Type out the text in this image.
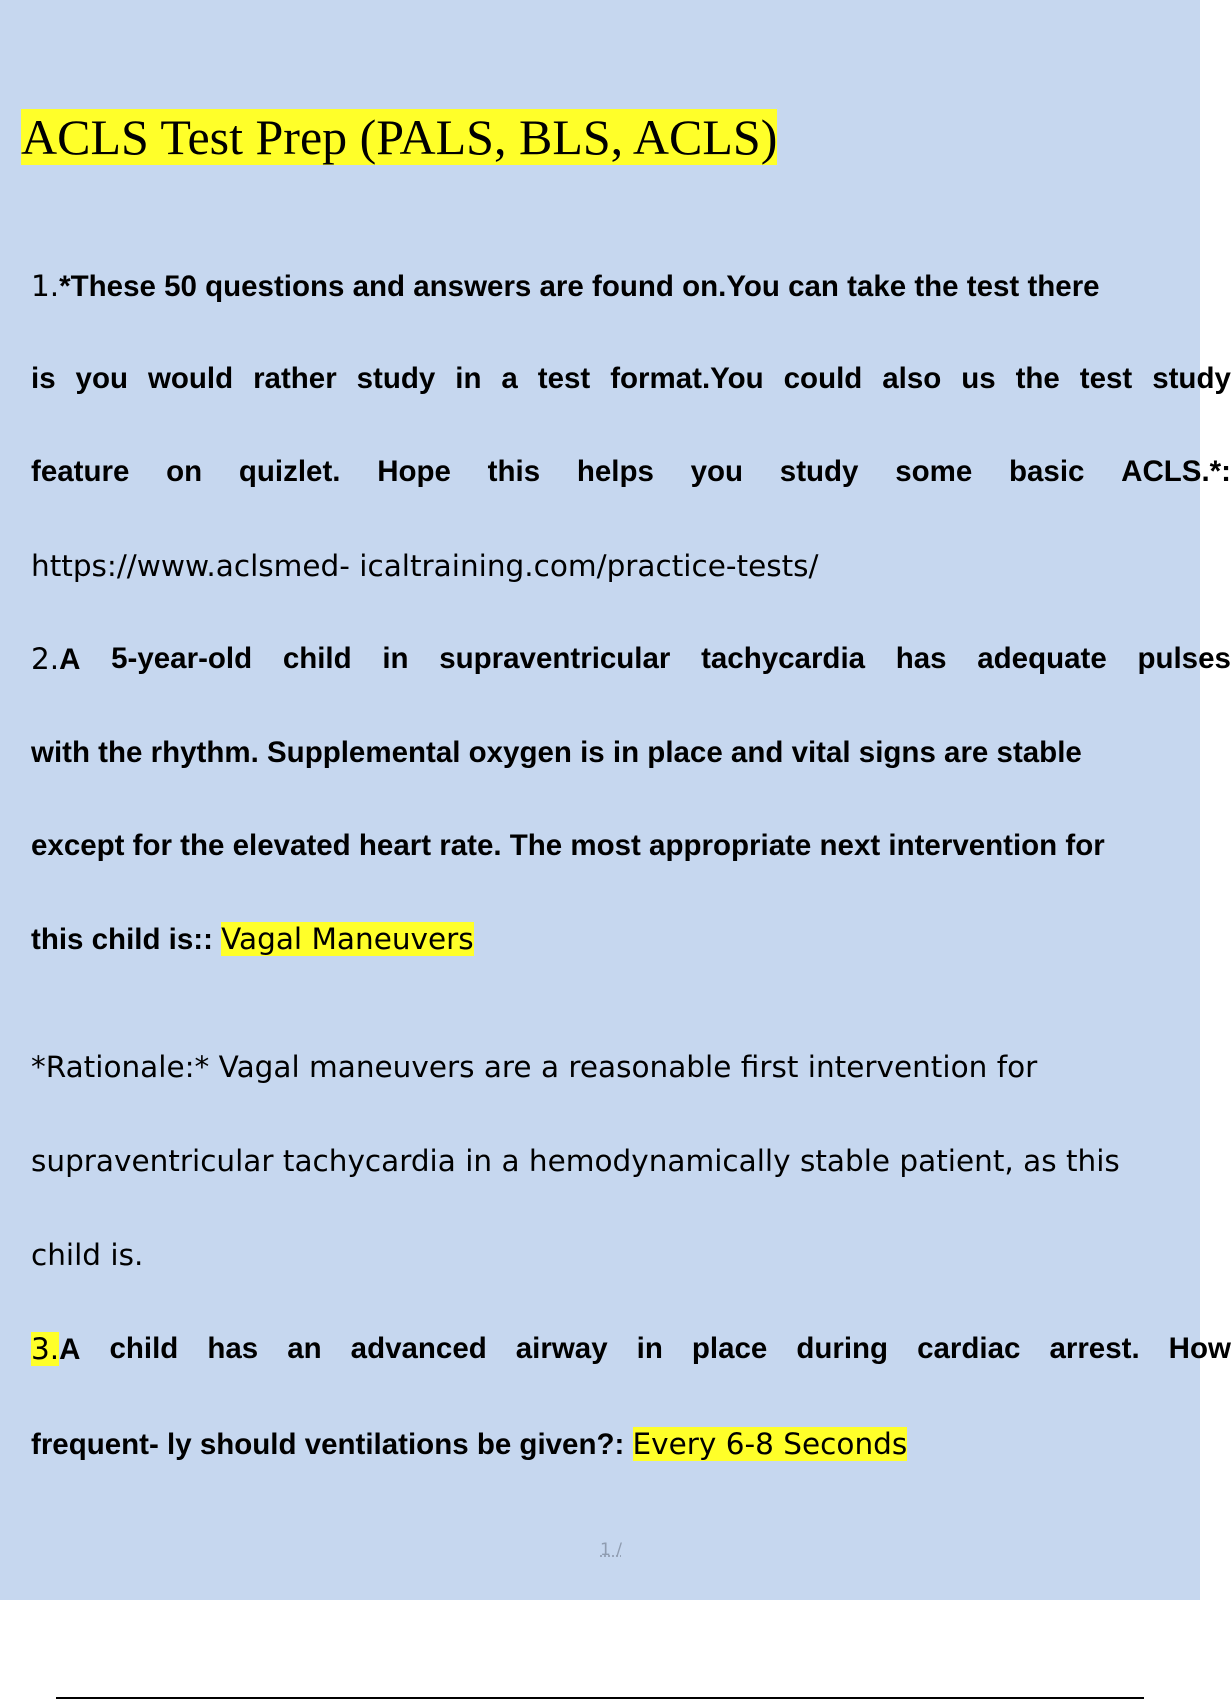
ACLS Test Prep (PALS, BLS, ACLS)

1.*These 50 questions and answers are found on.You can take the test there

is you would rather study in a test format.You could also us the test study

feature on quizlet. Hope this helps you study some basic ACLS.*:

https://www.aclsmed- icaltraining.com/practice-tests/

2.A 5-year-old child in supraventricular tachycardia has adequate pulses

with the rhythm. Supplemental oxygen is in place and vital signs are stable

except for the elevated heart rate. The most appropriate next intervention for

this child is:: Vagal Maneuvers

*Rationale:* Vagal maneuvers are a reasonable first intervention for

supraventricular tachycardia in a hemodynamically stable patient, as this

child is.

3.A child has an advanced airway in place during cardiac arrest. How

frequent- ly should ventilations be given?: Every 6-8 Seconds

1 /
